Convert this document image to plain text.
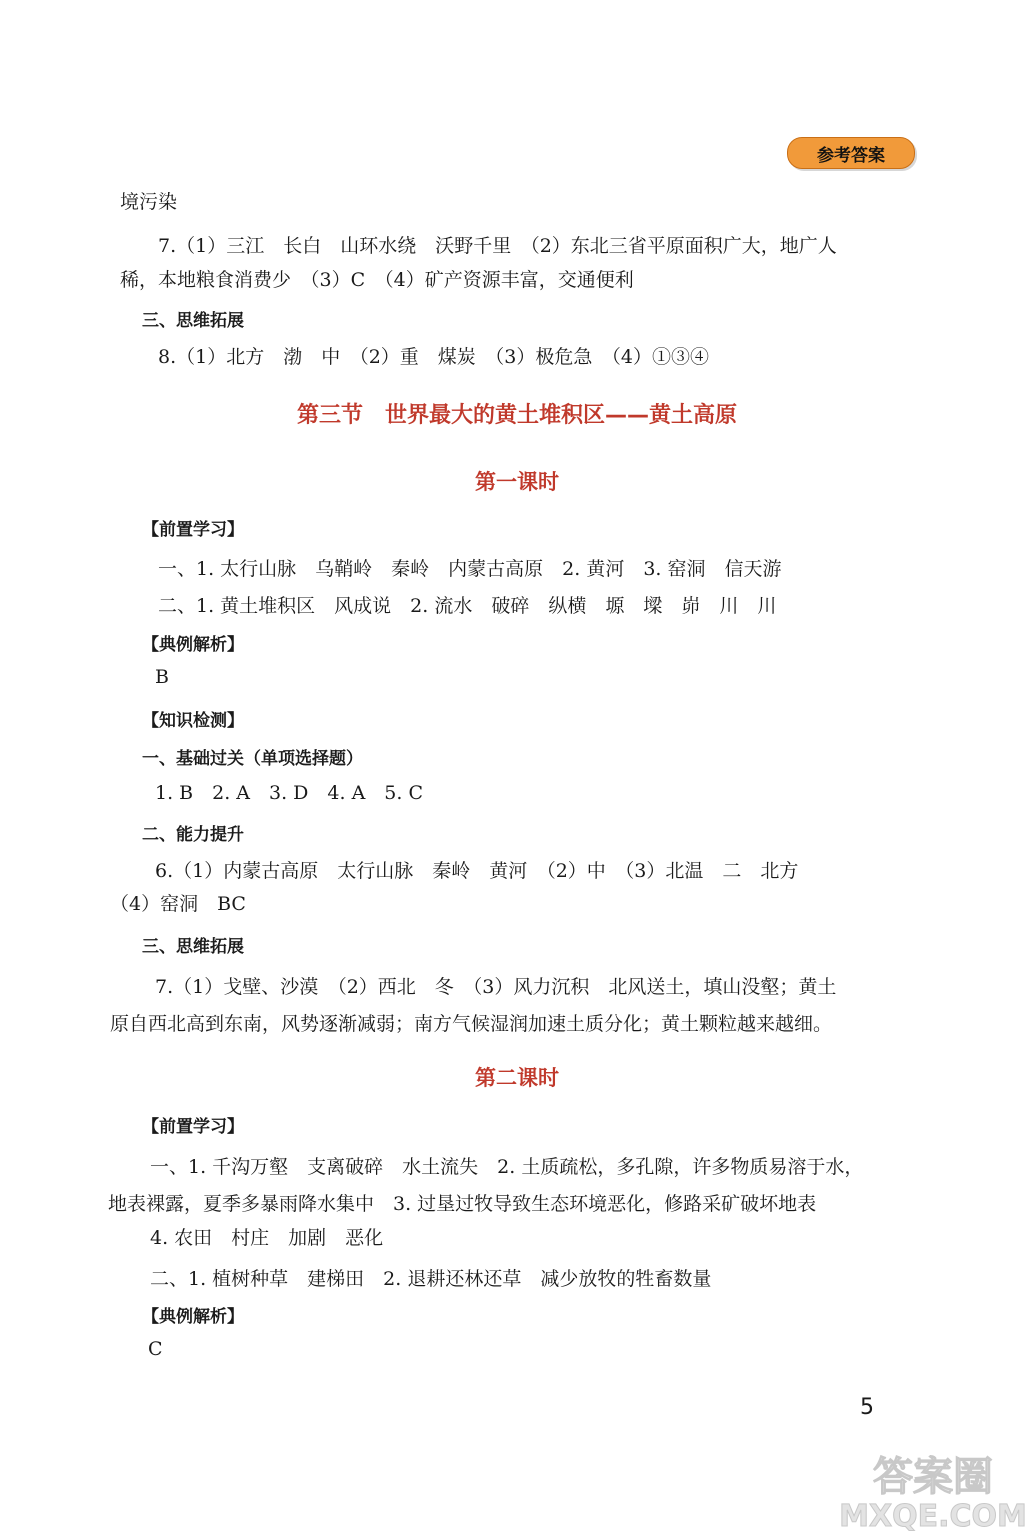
参考答案
境污染
7.（1）三江　长白　山环水绕　沃野千里　（2）东北三省平原面积广大，地广人
稀，本地粮食消费少　（3）C　（4）矿产资源丰富，交通便利
三、思维拓展
8.（1）北方　渤　中　（2）重　煤炭　（3）极危急　（4）①③④
第三节　世界最大的黄土堆积区——黄土高原
第一课时
【前置学习】
一、1. 太行山脉　乌鞘岭　秦岭　内蒙古高原　2. 黄河　3. 窑洞　信天游
二、1. 黄土堆积区　风成说　2. 流水　破碎　纵横　塬　墚　峁　川　川
【典例解析】
B
【知识检测】
一、基础过关（单项选择题）
1. B　2. A　3. D　4. A　5. C
二、能力提升
6.（1）内蒙古高原　太行山脉　秦岭　黄河　（2）中　（3）北温　二　北方
（4）窑洞　BC
三、思维拓展
7.（1）戈壁、沙漠　（2）西北　冬　（3）风力沉积　北风送土，填山没壑；黄土
原自西北高到东南，风势逐渐减弱；南方气候湿润加速土质分化；黄土颗粒越来越细。
第二课时
【前置学习】
一、1. 千沟万壑　支离破碎　水土流失　2. 土质疏松，多孔隙，许多物质易溶于水，
地表裸露，夏季多暴雨降水集中　3. 过垦过牧导致生态环境恶化，修路采矿破坏地表
4. 农田　村庄　加剧　恶化
二、1. 植树种草　建梯田　2. 退耕还林还草　减少放牧的牲畜数量
【典例解析】
C
5
答案圈
MXQE.COM
